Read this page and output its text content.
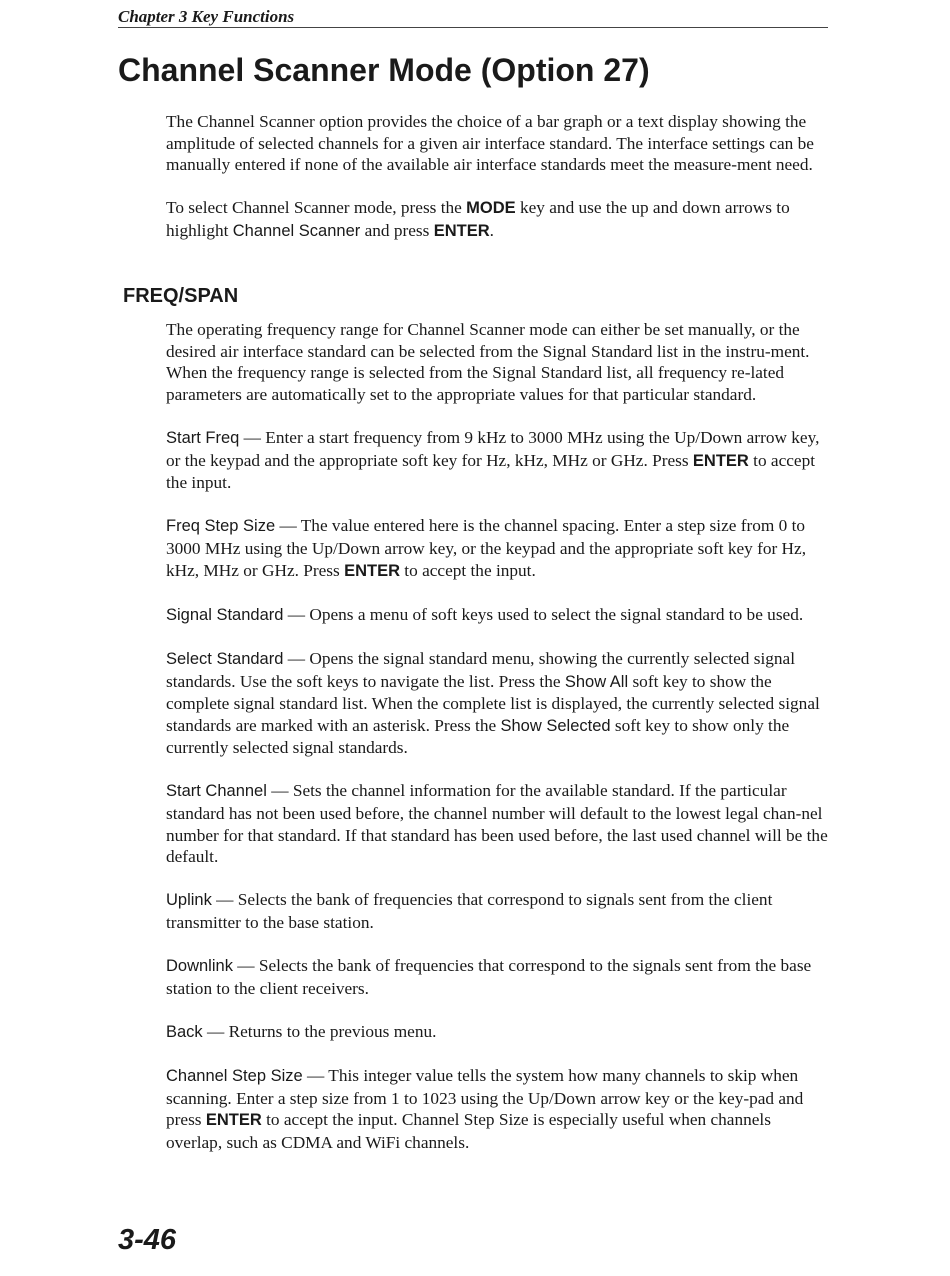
Chapter 3 Key Functions
Channel Scanner Mode (Option 27)

The Channel Scanner option provides the choice of a bar graph or a text display showing the amplitude of selected channels for a given air interface standard. The interface settings can be manually entered if none of the available air interface standards meet the measure-ment need.

To select Channel Scanner mode, press the MODE key and use the up and down arrows to highlight Channel Scanner and press ENTER.

FREQ/SPAN

The operating frequency range for Channel Scanner mode can either be set manually, or the desired air interface standard can be selected from the Signal Standard list in the instru-ment. When the frequency range is selected from the Signal Standard list, all frequency re-lated parameters are automatically set to the appropriate values for that particular standard.

Start Freq — Enter a start frequency from 9 kHz to 3000 MHz using the Up/Down arrow key, or the keypad and the appropriate soft key for Hz, kHz, MHz or GHz. Press ENTER to accept the input.

Freq Step Size — The value entered here is the channel spacing. Enter a step size from 0 to 3000 MHz using the Up/Down arrow key, or the keypad and the appropriate soft key for Hz, kHz, MHz or GHz. Press ENTER to accept the input.

Signal Standard — Opens a menu of soft keys used to select the signal standard to be used.

Select Standard — Opens the signal standard menu, showing the currently selected signal standards. Use the soft keys to navigate the list. Press the Show All soft key to show the complete signal standard list. When the complete list is displayed, the currently selected signal standards are marked with an asterisk. Press the Show Selected soft key to show only the currently selected signal standards.

Start Channel — Sets the channel information for the available standard. If the particular standard has not been used before, the channel number will default to the lowest legal chan-nel number for that standard. If that standard has been used before, the last used channel will be the default.

Uplink — Selects the bank of frequencies that correspond to signals sent from the client transmitter to the base station.

Downlink — Selects the bank of frequencies that correspond to the signals sent from the base station to the client receivers.

Back — Returns to the previous menu.

Channel Step Size — This integer value tells the system how many channels to skip when scanning. Enter a step size from 1 to 1023 using the Up/Down arrow key or the key-pad and press ENTER to accept the input. Channel Step Size is especially useful when channels overlap, such as CDMA and WiFi channels.

3-46
